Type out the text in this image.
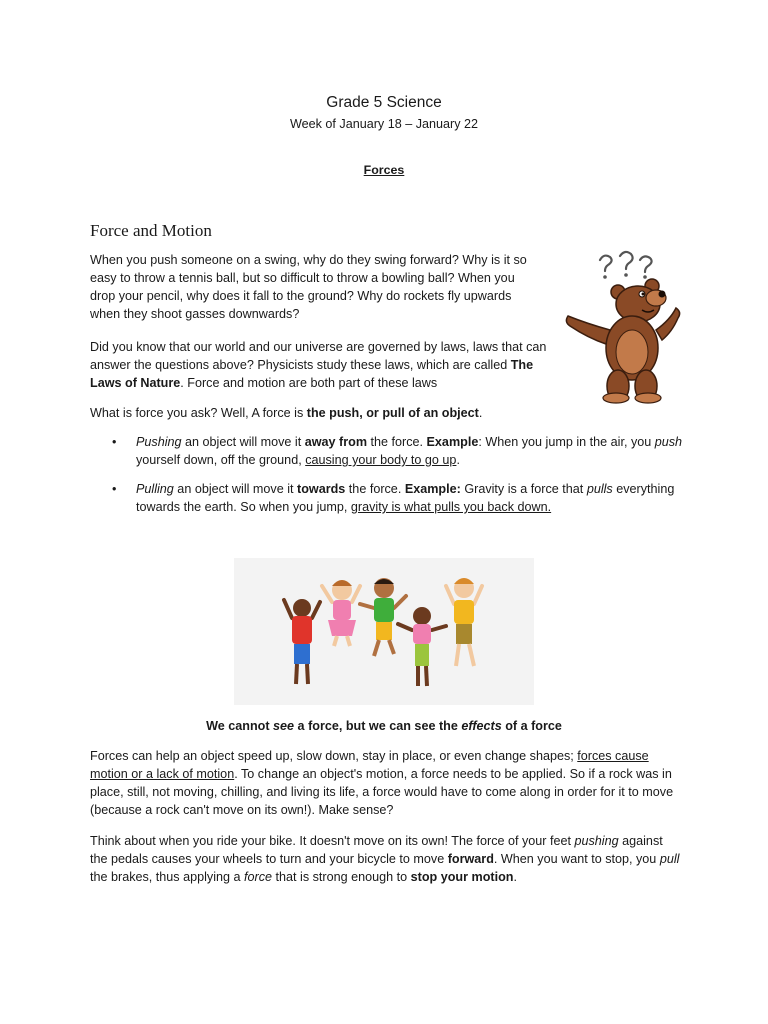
Grade 5 Science
Week of January 18 – January 22
Forces
Force and Motion

When you push someone on a swing, why do they swing forward? Why is it so easy to throw a tennis ball, but so difficult to throw a bowling ball? When you drop your pencil, why does it fall to the ground? Why do rockets fly upwards when they shoot gasses downwards?

Did you know that our world and our universe are governed by laws, laws that can answer the questions above? Physicists study these laws, which are called The Laws of Nature. Force and motion are both part of these laws

What is force you ask? Well, A force is the push, or pull of an object.

• Pushing an object will move it away from the force. Example: When you jump in the air, you push yourself down, off the ground, causing your body to go up.
• Pulling an object will move it towards the force. Example: Gravity is a force that pulls everything towards the earth. So when you jump, gravity is what pulls you back down.
We cannot see a force, but we can see the effects of a force

Forces can help an object speed up, slow down, stay in place, or even change shapes; forces cause motion or a lack of motion. To change an object's motion, a force needs to be applied. So if a rock was in place, still, not moving, chilling, and living its life, a force would have to come along in order for it to move (because a rock can't move on its own!). Make sense?

Think about when you ride your bike. It doesn't move on its own! The force of your feet pushing against the pedals causes your wheels to turn and your bicycle to move forward. When you want to stop, you pull the brakes, thus applying a force that is strong enough to stop your motion.
